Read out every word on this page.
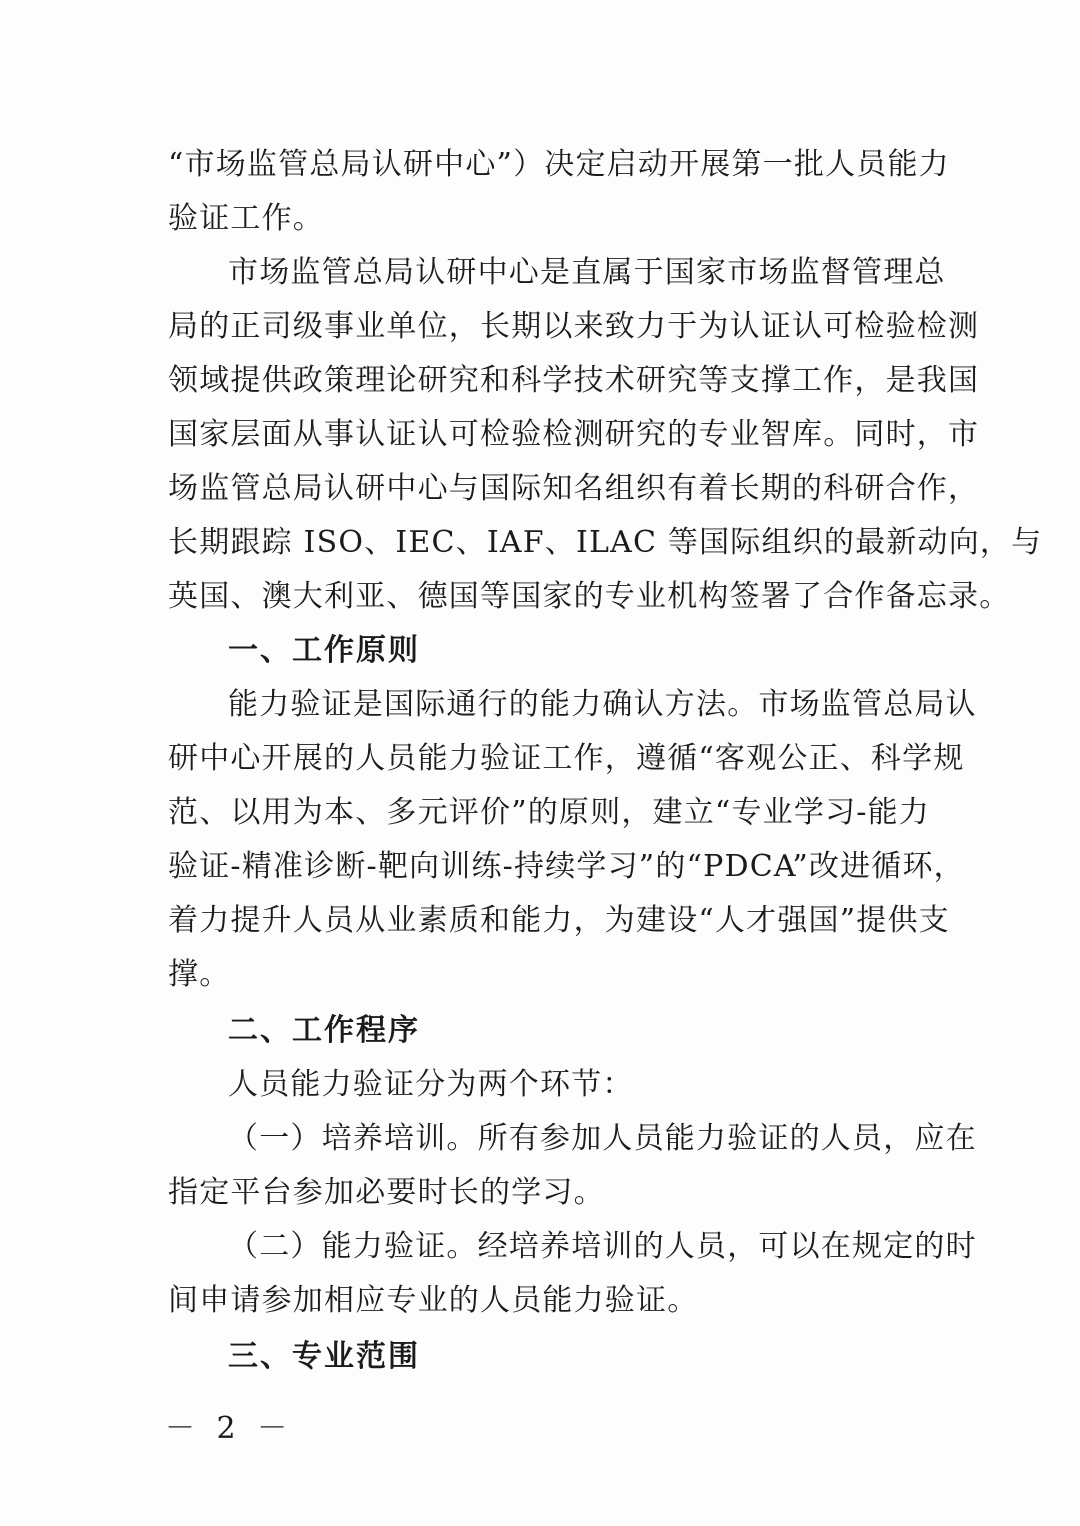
“市场监管总局认研中心”）决定启动开展第一批人员能力
验证工作。
市场监管总局认研中心是直属于国家市场监督管理总
局的正司级事业单位，长期以来致力于为认证认可检验检测
领域提供政策理论研究和科学技术研究等支撑工作，是我国
国家层面从事认证认可检验检测研究的专业智库。同时，市
场监管总局认研中心与国际知名组织有着长期的科研合作，
长期跟踪 ISO、IEC、IAF、ILAC 等国际组织的最新动向，与
英国、澳大利亚、德国等国家的专业机构签署了合作备忘录。
一、工作原则
能力验证是国际通行的能力确认方法。市场监管总局认
研中心开展的人员能力验证工作，遵循“客观公正、科学规
范、以用为本、多元评价”的原则，建立“专业学习-能力
验证-精准诊断-靶向训练-持续学习”的“PDCA”改进循环，
着力提升人员从业素质和能力，为建设“人才强国”提供支
撑。
二、工作程序
人员能力验证分为两个环节：
（一）培养培训。所有参加人员能力验证的人员，应在
指定平台参加必要时长的学习。
（二）能力验证。经培养培训的人员，可以在规定的时
间申请参加相应专业的人员能力验证。
三、专业范围
－ 2 －
